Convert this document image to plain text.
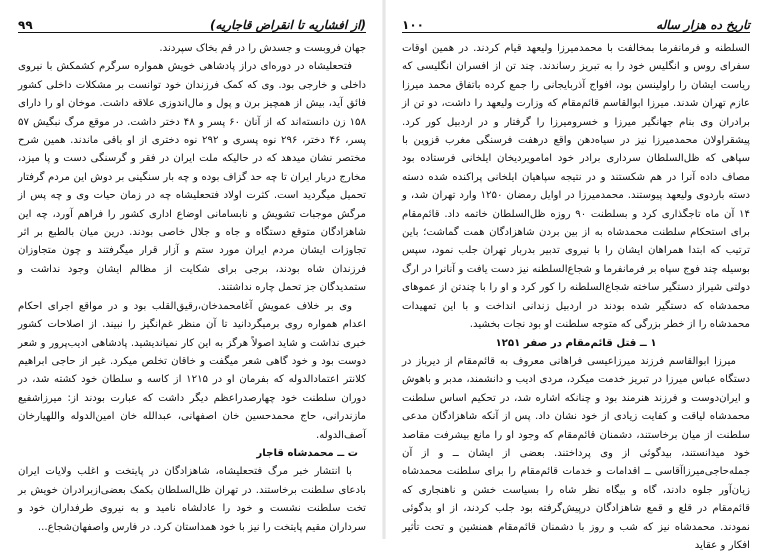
(از افشاریه تا انقراض قاجاریه)
۹۹

جهان فروبست و جسدش را در قم بخاک سپردند.

فتحعلیشاه در دوره‌ای دراز پادشاهی خویش همواره سرگرم کشمکش با نیروی داخلی و خارجی بود. وی که کمک فرزندان خود توانست بر مشکلات داخلی کشور فائق آید، بیش از همچیز برن و پول و مال‌اندوزی علاقه داشت. موخان او را دارای ۱۵۸ زن دانسته‌اند که از آنان ۶۰ پسر و ۴۸ دختر داشت. در موقع مرگ نبگیش ۵۷ پسر، ۴۶ دختر، ۲۹۶ نوه پسری و ۲۹۲ نوه دختری از او باقی ماندند. همین شرح مختصر نشان میدهد که در حالیکه ملت ایران در فقر و گرسنگی دست و پا میزد، مخارج دربار ایران تا چه حد گزاف بوده و چه بار سنگینی بر دوش این مردم گرفتار تحمیل میگردید است. کثرت اولاد فتحعلیشاه چه در زمان حیات وی و چه پس از مرگش موجبات تشویش و نابسامانی اوضاع اداری کشور را فراهم آورد، چه این شاهزادگان متوقع دستگاه و جاه و جلال خاصی بودند. درین میان بالطبع بر اثر تجاوزات ایشان مردم ایران مورد ستم و آزار قرار میگرفتند و چون متجاوزان فرزندان شاه بودند، برجی برای شکایت از مظالم ایشان وجود نداشت و ستمدیدگان جز تحمل چاره نداشتند.

وی بر خلاف عمویش آغامحمدخان،رقیق‌القلب بود و در مواقع اجرای احکام اعدام همواره روی برمیگردانید تا آن منظر غم‌انگیز را نبیند. از اصلاحات کشور خبری نداشت و شاید اصولاً هرگز به این کار نمیاندیشید. پادشاهی ادیب‌پرور و شعر دوست بود و خود گاهی شعر میگفت و خاقان تخلص میکرد. غیر از حاجی ابراهیم کلانتر اعتمادالدوله که بفرمان او در ۱۲۱۵ از کاسه و سلطان خود کشته شد، در دوران سلطنت خود چهارصدراعظم دیگر داشت که عبارت بودند از: میرزاشفیع مازندرانی، حاج محمدحسین خان اصفهانی، عبدالله خان امین‌الدوله واللهیارخان آصف‌الدوله.

ت ــ محمدشاه قاجار

با انتشار خبر مرگ فتحعلیشاه، شاهزادگان در پایتخت و اغلب ولایات ایران بادعای سلطنت برخاستند. در تهران ظل‌السلطان بکمک بعضی‌ازبرادران خویش بر تخت سلطنت نشست و خود را عادلشاه نامید و به نیروی طرفداران خود و سرداران مقیم پایتخت را نیز با خود همداستان کرد. در فارس واصفهان‌شجاع‌...

تاریخ ده هزار ساله
۱۰۰

السلطنه و فرمانفرما بمخالفت با محمدمیرزا ولیعهد قیام کردند. در همین اوقات سفرای روس و انگلیس خود را به تبریز رساندند. چند تن از افسران انگلیسی که ریاست ایشان را راولینسن بود، افواج آذربایجانی را جمع کرده باتفاق محمد میرزا عازم تهران شدند. میرزا ابوالقاسم قائم‌مقام که وزارت ولیعهد را داشت، دو تن از برادران وی بنام جهانگیر میرزا و خسرومیرزا را گرفتار و در اردبیل کور کرد. پیشقراولان محمدمیرزا نیز در سیاه‌دهن واقع درهفت فرسنگی مغرب قزوین با سپاهی که ظل‌السلطان سرداری برادر خود امامویردیخان ایلخانی فرستاده بود مصاف داده آنرا در هم شکستند و در نتیجه سپاهیان ایلخانی پراکنده شده دسته دسته باردوی ولیعهد پیوستند. محمدمیرزا در اوایل رمضان ۱۲۵۰ وارد تهران شد، و ۱۴ آن ماه تاجگذاری کرد و بسلطنت ۹۰ روزه ظل‌السلطان خاتمه داد. قائم‌مقام برای استحکام سلطنت محمدشاه به از بین بردن شاهزادگان همت گماشت؛ باین ترتیب که ابتدا همراهان ایشان را با نیروی تدبیر بدربار تهران جلب نمود، سپس بوسیله چند فوج سپاه بر فرمانفرما و شجاع‌السلطنه نیز دست یافت و آنانرا در ارگ دولتی شیراز دستگیر ساخته شجاع‌السلطنه را کور کرد و او را با چندتن از عموهای محمدشاه که دستگیر شده بودند در اردبیل زندانی انداخت و با این تمهیدات محمدشاه را از خطر بزرگی که متوجه سلطنت او بود نجات بخشید.

۱ ــ قتل قائم‌مقام در صفر ۱۲۵۱

میرزا ابوالقاسم فرزند میرزاعیسی فراهانی معروف به قائم‌مقام از دیرباز در دستگاه عباس میرزا در تبریز خدمت میکرد، مردی ادیب و دانشمند، مدبر و باهوش و ایران‌دوست و فرزند هنرمند بود و چنانکه اشاره شد، در تحکیم اساس سلطنت محمدشاه لیاقت و کفایت زیادی از خود نشان داد. پس از آنکه شاهزادگان مدعی سلطنت از میان برخاستند، دشمنان قائم‌مقام که وجود او را مانع بیشرفت مقاصد خود میدانستند، بیدگوئی از وی پرداختند. بعضی از ایشان ــ و از آن جمله‌حاجی‌میرزاآقاسی ــ اقدامات و خدمات قائم‌مقام را برای سلطنت محمدشاه زیان‌آور جلوه دادند، گاه و بیگاه نظر شاه را بسیاست خشن و ناهنجاری که قائم‌مقام در قلع و قمع شاهزادگان درپیش‌گرفته بود جلب کردند، از او بدگوئی نمودند. محمدشاه نیز که شب و روز با دشمنان قائم‌مقام همنشین و تحت تأثیر افکار و عقاید
